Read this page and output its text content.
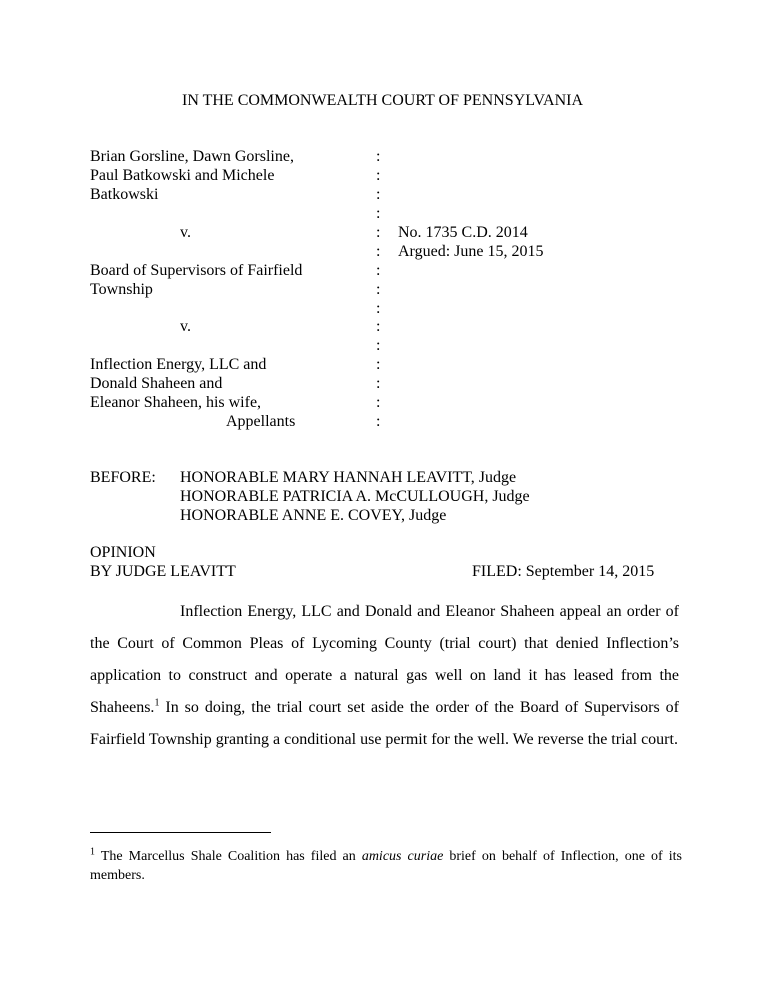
IN THE COMMONWEALTH COURT OF PENNSYLVANIA
Brian Gorsline, Dawn Gorsline,
Paul Batkowski and Michele
Batkowski
v.
Board of Supervisors of Fairfield
Township
v.
Inflection Energy, LLC and
Donald Shaheen and
Eleanor Shaheen, his wife,
Appellants
:
:
:
:
:
:
:
:
:
:
:
:
:
:
:
No. 1735 C.D. 2014
Argued: June 15, 2015
BEFORE: HONORABLE MARY HANNAH LEAVITT, Judge
HONORABLE PATRICIA A. McCULLOUGH, Judge
HONORABLE ANNE E. COVEY, Judge
OPINION
BY JUDGE LEAVITT	FILED: September 14, 2015
Inflection Energy, LLC and Donald and Eleanor Shaheen appeal an order of the Court of Common Pleas of Lycoming County (trial court) that denied Inflection’s application to construct and operate a natural gas well on land it has leased from the Shaheens.$^1$ In so doing, the trial court set aside the order of the Board of Supervisors of Fairfield Township granting a conditional use permit for the well. We reverse the trial court.
$^1$ The Marcellus Shale Coalition has filed an amicus curiae brief on behalf of Inflection, one of its members.
